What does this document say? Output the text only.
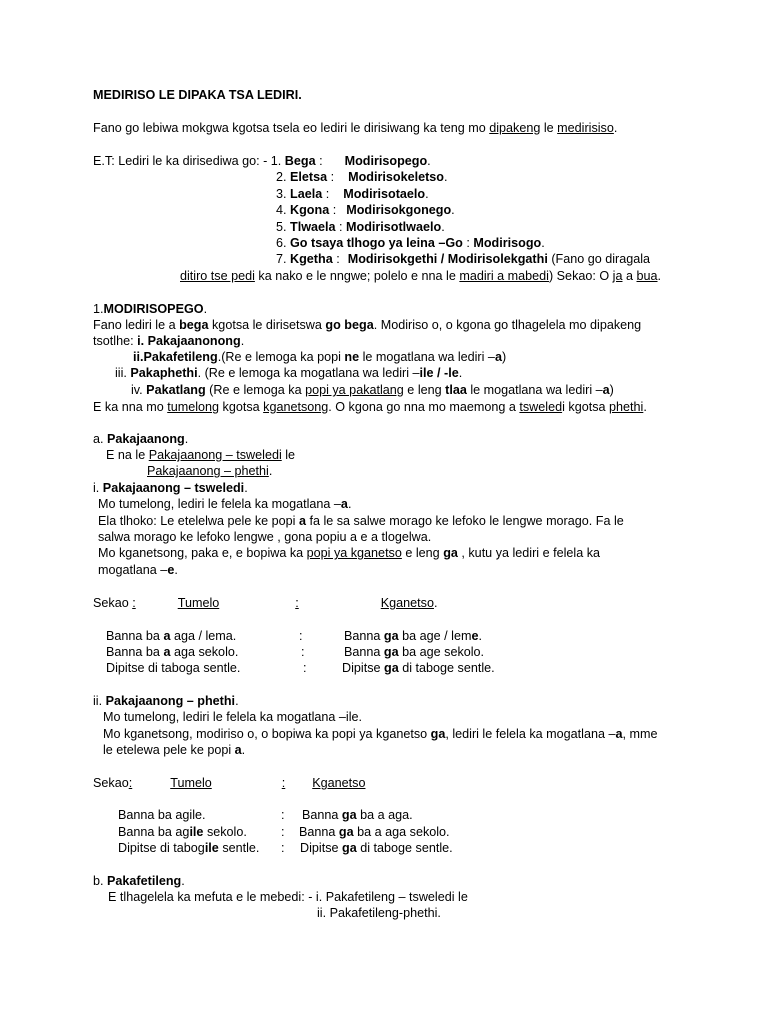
MEDIRISO LE DIPAKA TSA LEDIRI.
Fano go lebiwa mokgwa kgotsa tsela eo lediri le dirisiwang ka teng mo dipakeng le medirisiso.
E.T: Lediri le ka dirisediwa go: - 1. Bega : Modirisopego.
2. Eletsa : Modirisokeletso.
3. Laela : Modirisotaelo.
4. Kgona : Modirisokgonego.
5. Tlwaela : Modirisotlwaelo.
6. Go tsaya tlhogo ya leina –Go : Modirisogo.
7. Kgetha : Modirisokgethi / Modirisolekgathi (Fano go diragala
ditiro tse pedi ka nako e le nngwe; polelo e nna le madiri a mabedi) Sekao: O ja a bua.
1.MODIRISOPEGO.
Fano lediri le a bega kgotsa le dirisetswa go bega. Modiriso o, o kgona go tlhagelela mo dipakeng
tsotlhe: i. Pakajaanonong.
ii.Pakafetileng.(Re e lemoga ka popi ne le mogatlana wa lediri –a)
iii. Pakaphethi. (Re e lemoga ka mogatlana wa lediri –ile / -le.
iv. Pakatlang (Re e lemoga ka popi ya pakatlang e leng tlaa le mogatlana wa lediri –a)
E ka nna mo tumelong kgotsa kganetsong. O kgona go nna mo maemong a tsweledi kgotsa phethi.
a. Pakajaanong.
E na le Pakajaanong – tsweledi le
Pakajaanong – phethi.
i. Pakajaanong – tsweledi.
Mo tumelong, lediri le felela ka mogatlana –a.
Ela tlhoko: Le etelelwa pele ke popi a fa le sa salwe morago ke lefoko le lengwe morago. Fa le
salwa morago ke lefoko lengwe , gona popiu a e a tlogelwa.
Mo kganetsong, paka e, e bopiwa ka popi ya kganetso e leng ga , kutu ya lediri e felela ka
mogatlana –e.
Sekao :	Tumelo	:	Kganetso.
Banna ba a aga / lema.	:	Banna ga ba age / leme.
Banna ba a aga sekolo.	:	Banna ga ba age sekolo.
Dipitse di taboga sentle.	:	Dipitse ga di taboge sentle.
ii. Pakajaanong – phethi.
Mo tumelong, lediri le felela ka mogatlana –ile.
Mo kganetsong, modiriso o, o bopiwa ka popi ya kganetso ga, lediri le felela ka mogatlana –a, mme
le etelewa pele ke popi a.
Sekao:	Tumelo	: Kganetso
Banna ba agile.	: Banna ga ba a aga.
Banna ba agile sekolo.	: Banna ga ba a aga sekolo.
Dipitse di tabogile sentle. : Dipitse ga di taboge sentle.
b. Pakafetileng.
E tlhagelela ka mefuta e le mebedi: - i. Pakafetileng – tsweledi le
ii. Pakafetileng-phethi.
